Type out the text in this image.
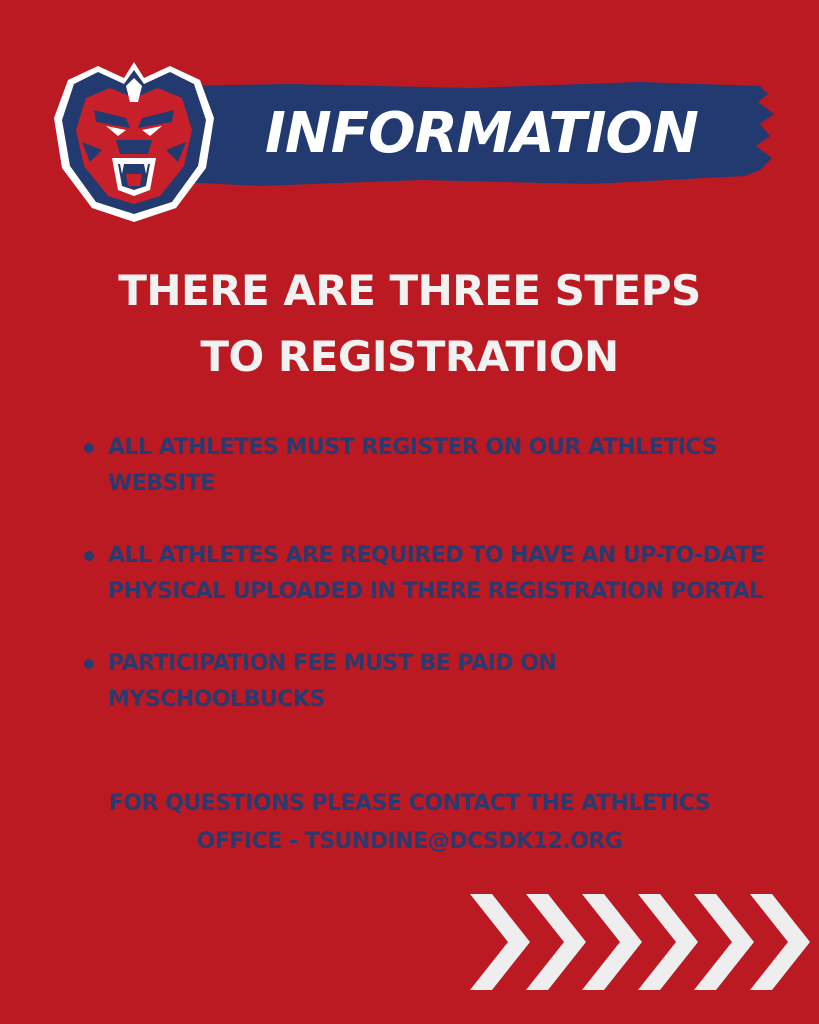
INFORMATION
THERE ARE THREE STEPS
TO REGISTRATION
ALL ATHLETES MUST REGISTER ON OUR ATHLETICS WEBSITE
ALL ATHLETES ARE REQUIRED TO HAVE AN UP-TO-DATE PHYSICAL UPLOADED IN THERE REGISTRATION PORTAL
PARTICIPATION FEE MUST BE PAID ON MYSCHOOLBUCKS
FOR QUESTIONS PLEASE CONTACT THE ATHLETICS
OFFICE - TSUNDINE@DCSDK12.ORG
